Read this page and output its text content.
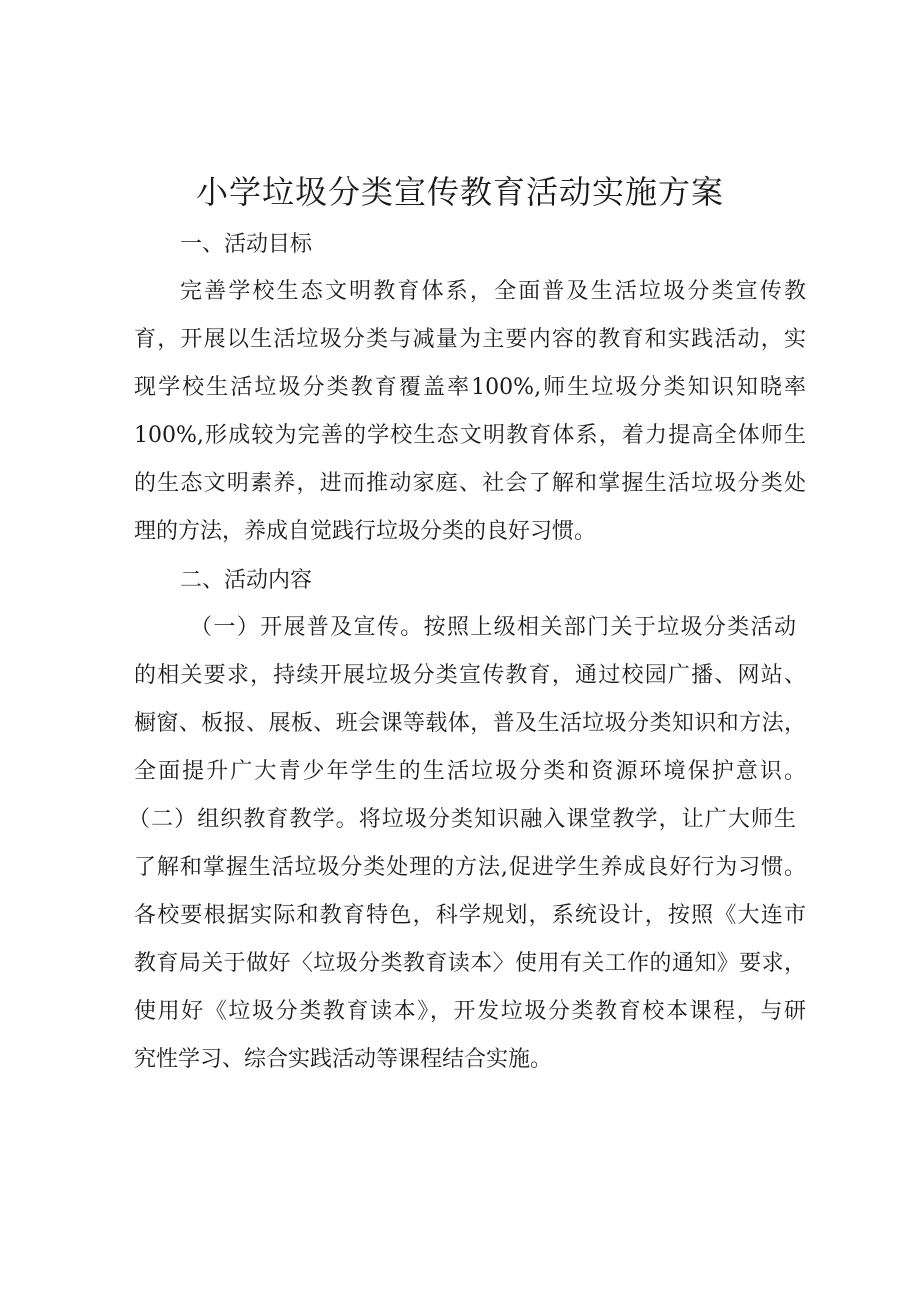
小学垃圾分类宣传教育活动实施方案

一、活动目标

完善学校生态文明教育体系，全面普及生活垃圾分类宣传教

育，开展以生活垃圾分类与减量为主要内容的教育和实践活动，实

现学校生活垃圾分类教育覆盖率100%,师生垃圾分类知识知晓率

100%,形成较为完善的学校生态文明教育体系，着力提高全体师生

的生态文明素养，进而推动家庭、社会了解和掌握生活垃圾分类处

理的方法，养成自觉践行垃圾分类的良好习惯。

二、活动内容

（一）开展普及宣传。按照上级相关部门关于垃圾分类活动

的相关要求，持续开展垃圾分类宣传教育，通过校园广播、网站、

橱窗、板报、展板、班会课等载体，普及生活垃圾分类知识和方法，

全面提升广大青少年学生的生活垃圾分类和资源环境保护意识。

（二）组织教育教学。将垃圾分类知识融入课堂教学，让广大师生

了解和掌握生活垃圾分类处理的方法,促进学生养成良好行为习惯。

各校要根据实际和教育特色，科学规划，系统设计，按照《大连市

教育局关于做好〈垃圾分类教育读本〉使用有关工作的通知》要求，

使用好《垃圾分类教育读本》，开发垃圾分类教育校本课程，与研

究性学习、综合实践活动等课程结合实施。
